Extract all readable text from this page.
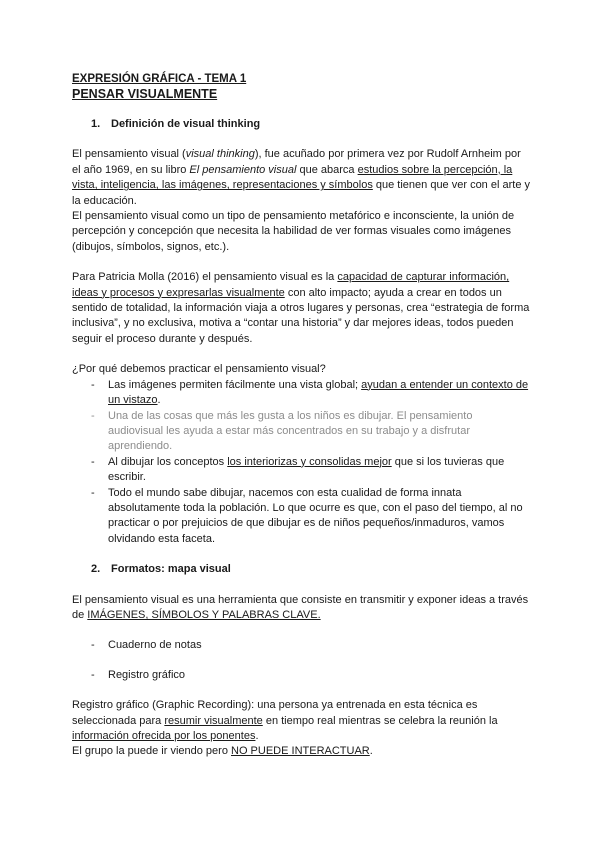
EXPRESIÓN GRÁFICA - TEMA 1
PENSAR VISUALMENTE
1. Definición de visual thinking

El pensamiento visual (visual thinking), fue acuñado por primera vez por Rudolf Arnheim por el año 1969, en su libro El pensamiento visual que abarca estudios sobre la percepción, la vista, inteligencia, las imágenes, representaciones y símbolos que tienen que ver con el arte y la educación.

El pensamiento visual como un tipo de pensamiento metafórico e inconsciente, la unión de percepción y concepción que necesita la habilidad de ver formas visuales como imágenes (dibujos, símbolos, signos, etc.).

Para Patricia Molla (2016) el pensamiento visual es la capacidad de capturar información, ideas y procesos y expresarlas visualmente con alto impacto; ayuda a crear en todos un sentido de totalidad, la información viaja a otros lugares y personas, crea “estrategia de forma inclusiva”, y no exclusiva, motiva a “contar una historia” y dar mejores ideas, todos pueden seguir el proceso durante y después.

¿Por qué debemos practicar el pensamiento visual?

- Las imágenes permiten fácilmente una vista global; ayudan a entender un contexto de un vistazo.
- Una de las cosas que más les gusta a los niños es dibujar. El pensamiento audiovisual les ayuda a estar más concentrados en su trabajo y a disfrutar aprendiendo.
- Al dibujar los conceptos los interiorizas y consolidas mejor que si los tuvieras que escribir.
- Todo el mundo sabe dibujar, nacemos con esta cualidad de forma innata absolutamente toda la población. Lo que ocurre es que, con el paso del tiempo, al no practicar o por prejuicios de que dibujar es de niños pequeños/inmaduros, vamos olvidando esta faceta.
2. Formatos: mapa visual

El pensamiento visual es una herramienta que consiste en transmitir y exponer ideas a través de IMÁGENES, SÍMBOLOS Y PALABRAS CLAVE.

- Cuaderno de notas
- Registro gráfico

Registro gráfico (Graphic Recording): una persona ya entrenada en esta técnica es seleccionada para resumir visualmente en tiempo real mientras se celebra la reunión la información ofrecida por los ponentes.

El grupo la puede ir viendo pero NO PUEDE INTERACTUAR.
